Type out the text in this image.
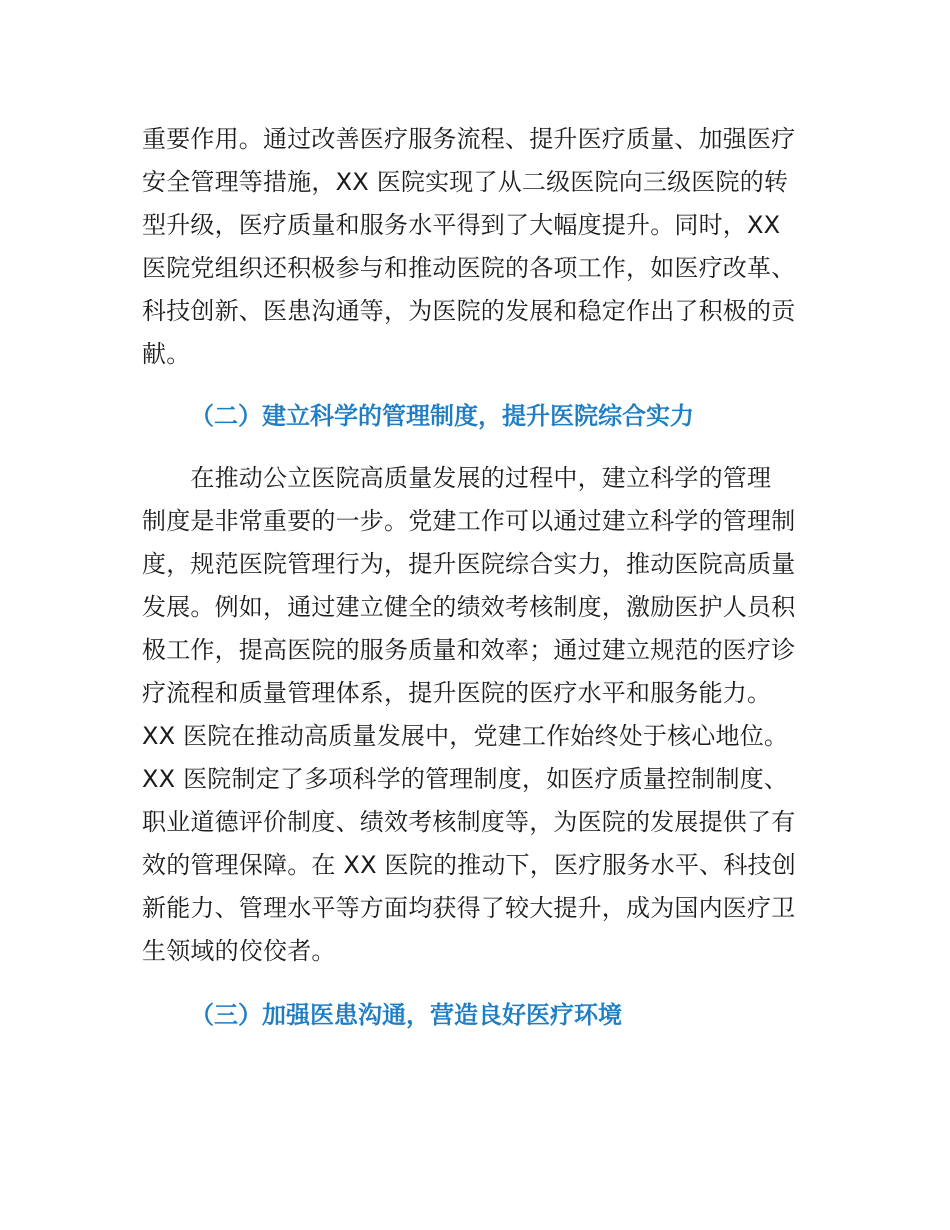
重要作用。通过改善医疗服务流程、提升医疗质量、加强医疗
安全管理等措施，XX 医院实现了从二级医院向三级医院的转
型升级，医疗质量和服务水平得到了大幅度提升。同时，XX
医院党组织还积极参与和推动医院的各项工作，如医疗改革、
科技创新、医患沟通等，为医院的发展和稳定作出了积极的贡
献。
（二）建立科学的管理制度，提升医院综合实力
　　在推动公立医院高质量发展的过程中，建立科学的管理
制度是非常重要的一步。党建工作可以通过建立科学的管理制
度，规范医院管理行为，提升医院综合实力，推动医院高质量
发展。例如，通过建立健全的绩效考核制度，激励医护人员积
极工作，提高医院的服务质量和效率；通过建立规范的医疗诊
疗流程和质量管理体系，提升医院的医疗水平和服务能力。
XX 医院在推动高质量发展中，党建工作始终处于核心地位。
XX 医院制定了多项科学的管理制度，如医疗质量控制制度、
职业道德评价制度、绩效考核制度等，为医院的发展提供了有
效的管理保障。在 XX 医院的推动下，医疗服务水平、科技创
新能力、管理水平等方面均获得了较大提升，成为国内医疗卫
生领域的佼佼者。
（三）加强医患沟通，营造良好医疗环境
